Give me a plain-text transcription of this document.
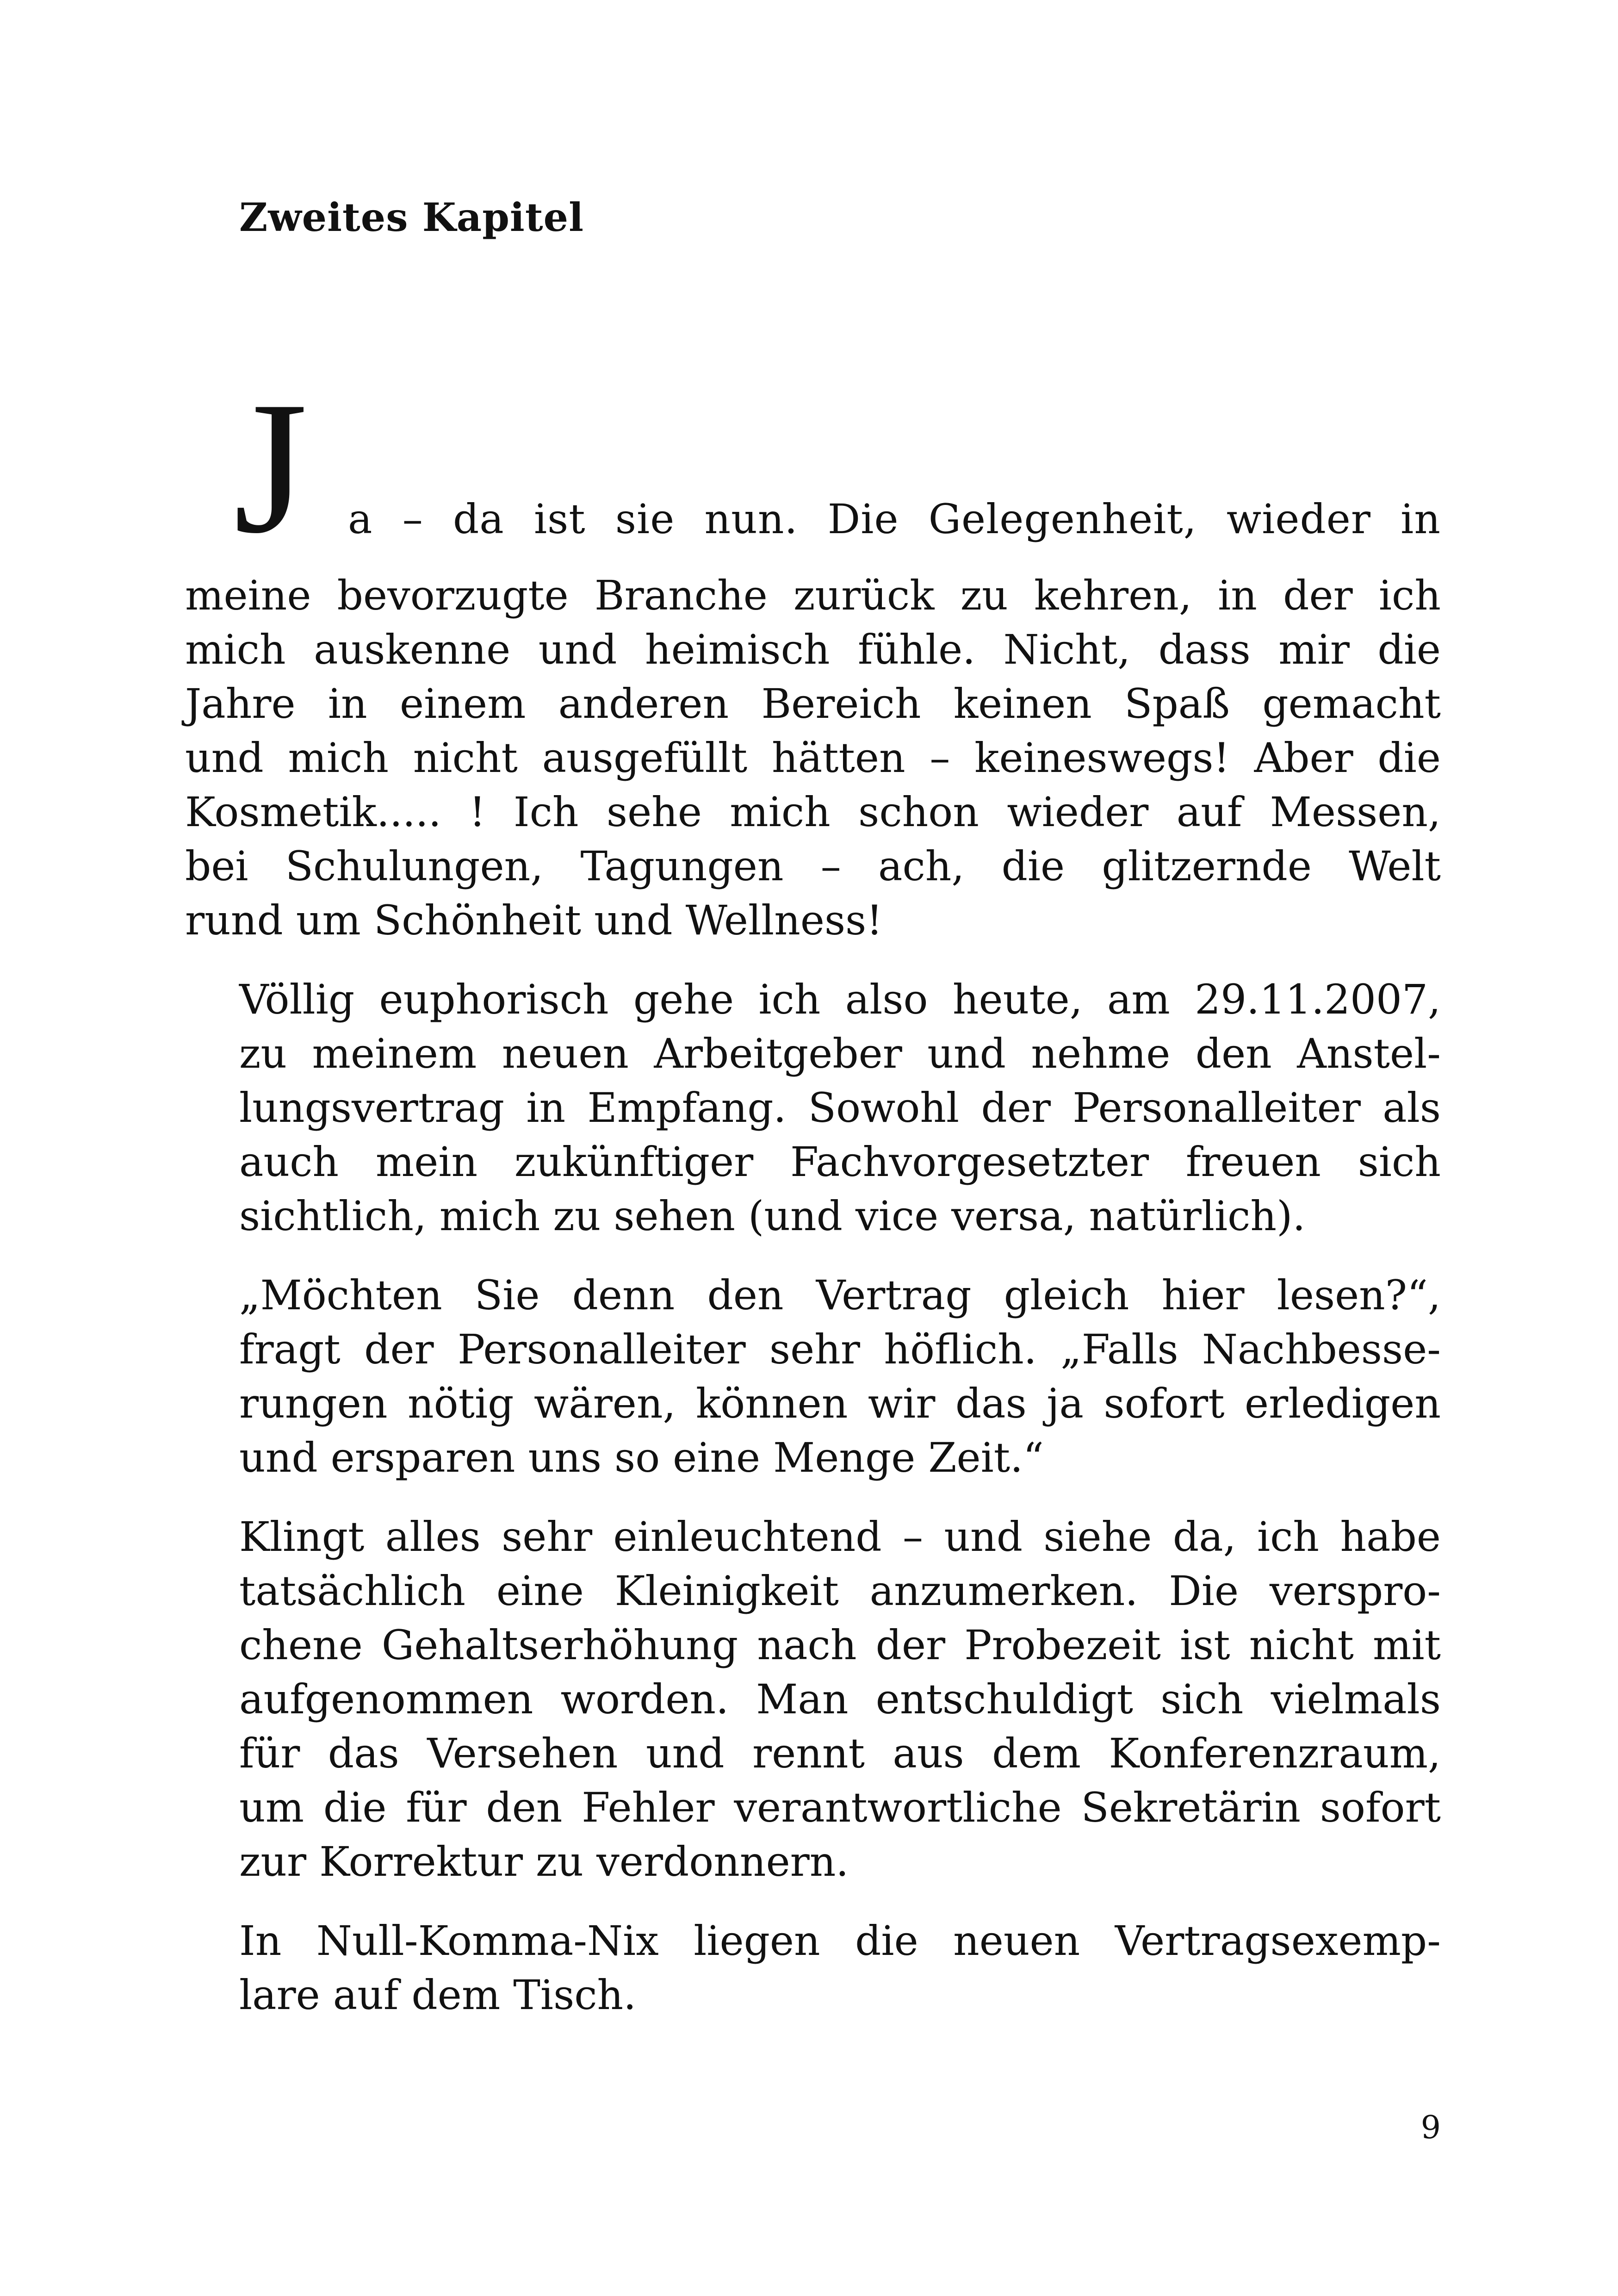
Zweites Kapitel
J a – da ist sie nun. Die Gelegenheit, wieder in

meine bevorzugte Branche zurück zu kehren, in der ich
mich auskenne und heimisch fühle. Nicht, dass mir die
Jahre in einem anderen Bereich keinen Spaß gemacht
und mich nicht ausgefüllt hätten – keineswegs! Aber die
Kosmetik..... ! Ich sehe mich schon wieder auf Messen,
bei Schulungen, Tagungen – ach, die glitzernde Welt
rund um Schönheit und Wellness!

Völlig euphorisch gehe ich also heute, am 29.11.2007,
zu meinem neuen Arbeitgeber und nehme den Anstel-
lungsvertrag in Empfang. Sowohl der Personalleiter als
auch mein zukünftiger Fachvorgesetzter freuen sich
sichtlich, mich zu sehen (und vice versa, natürlich).

„Möchten Sie denn den Vertrag gleich hier lesen?“,
fragt der Personalleiter sehr höflich. „Falls Nachbesse-
rungen nötig wären, können wir das ja sofort erledigen
und ersparen uns so eine Menge Zeit.“

Klingt alles sehr einleuchtend – und siehe da, ich habe
tatsächlich eine Kleinigkeit anzumerken. Die verspro-
chene Gehaltserhöhung nach der Probezeit ist nicht mit
aufgenommen worden. Man entschuldigt sich vielmals
für das Versehen und rennt aus dem Konferenzraum,
um die für den Fehler verantwortliche Sekretärin sofort
zur Korrektur zu verdonnern.

In Null-Komma-Nix liegen die neuen Vertragsexemp-
lare auf dem Tisch.

9
